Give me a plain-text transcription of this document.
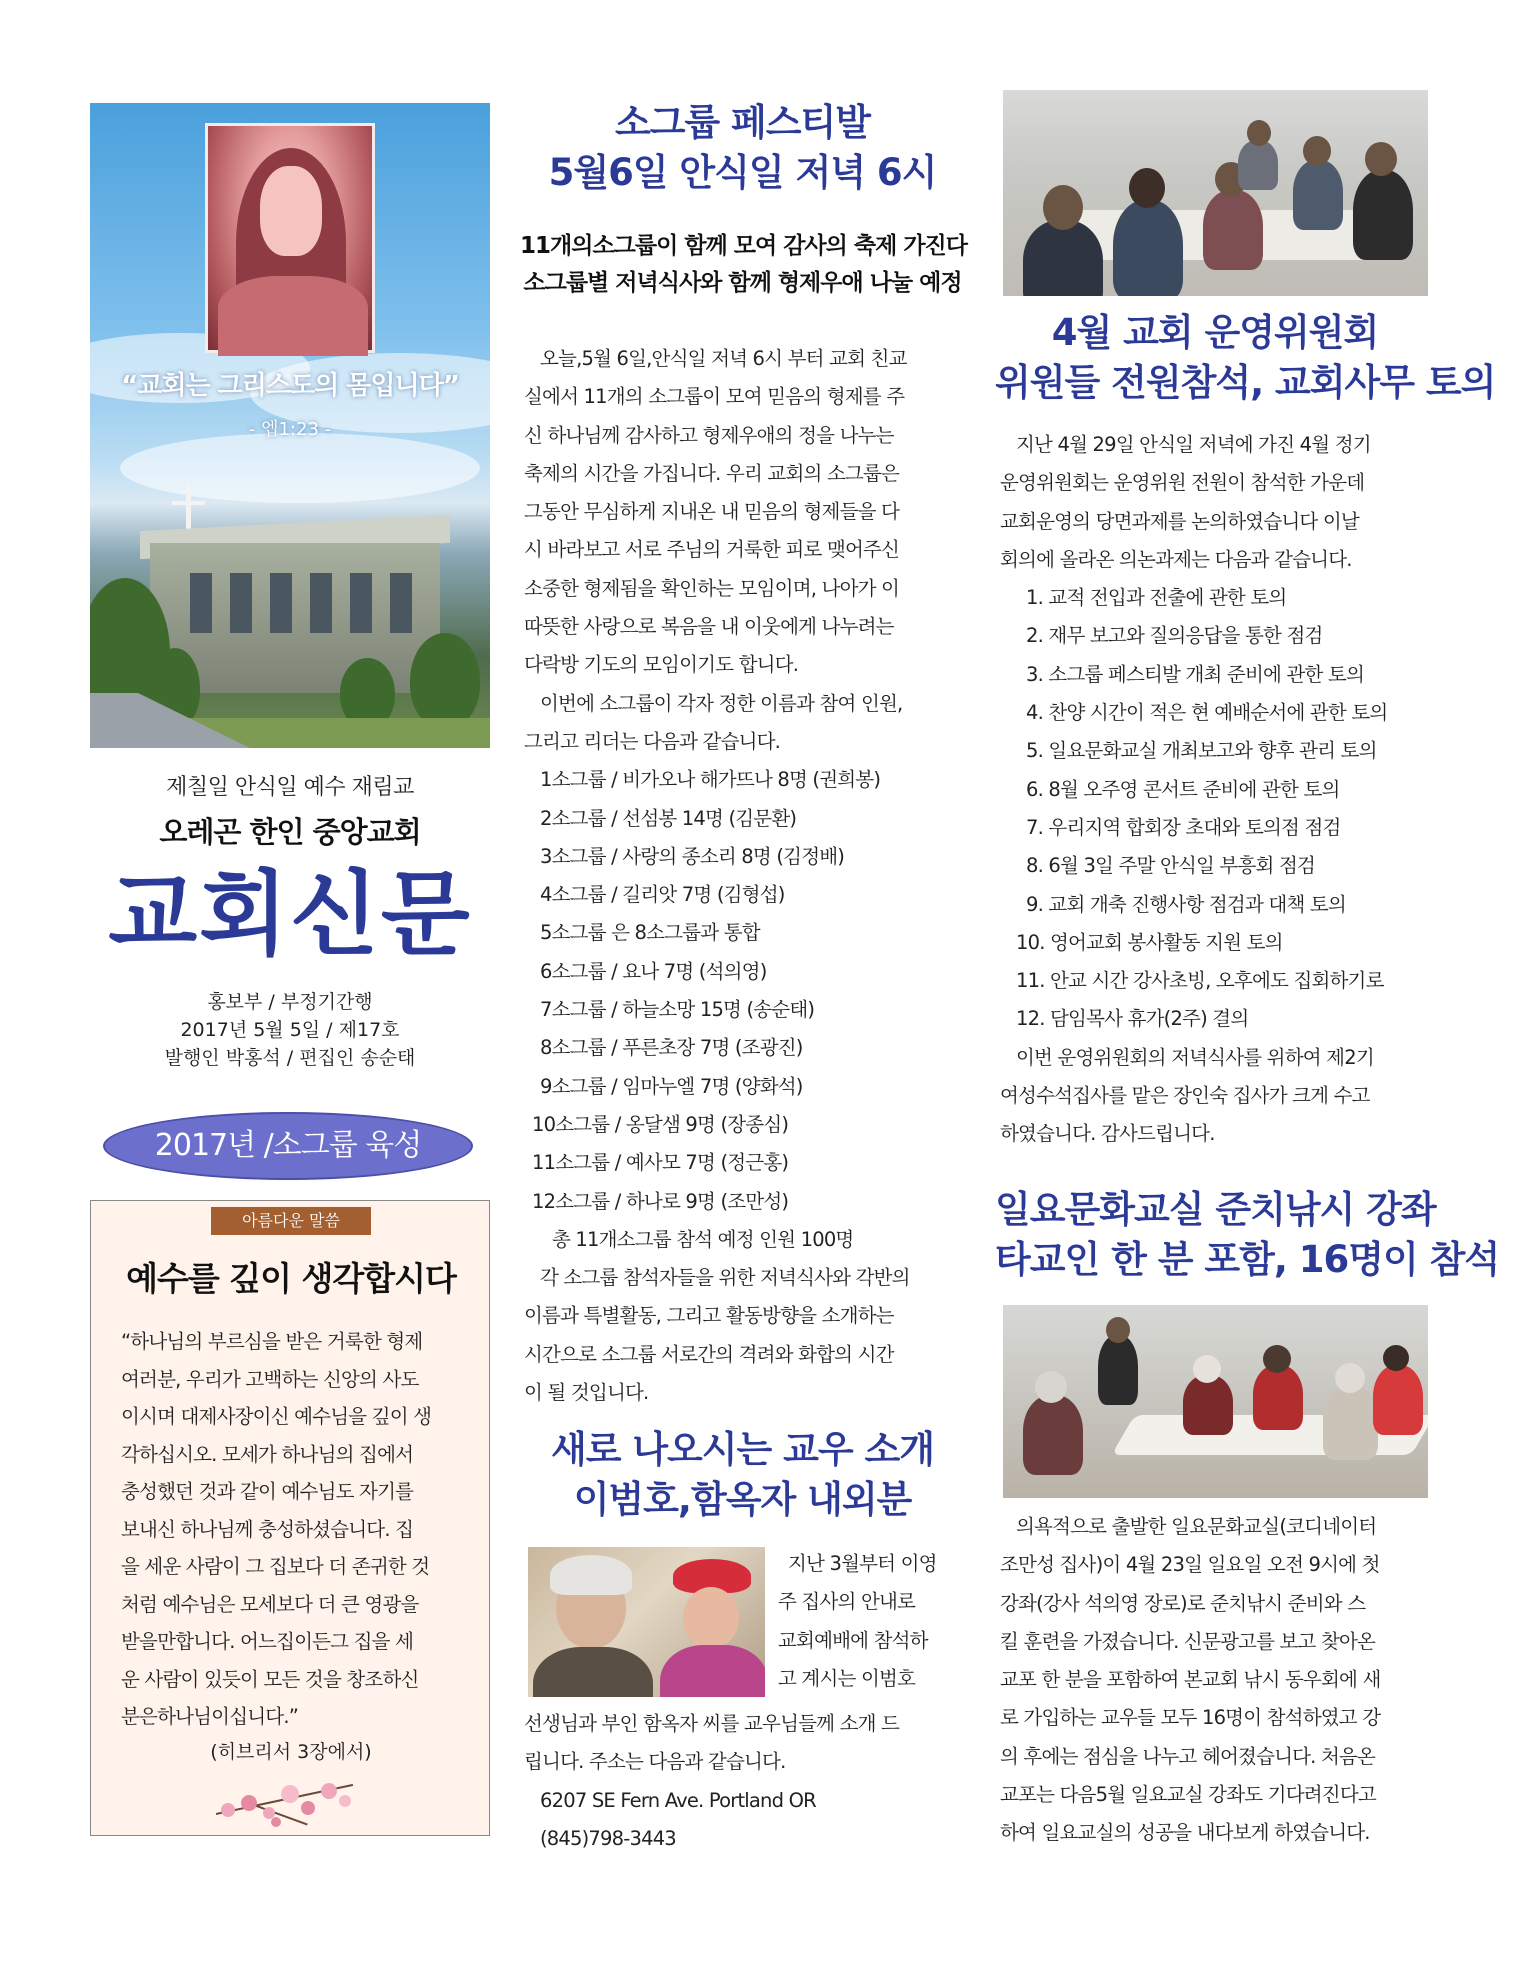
“교회는 그리스도의 몸입니다”
- 엡1:23 -
제칠일 안식일 예수 재림교
오레곤 한인 중앙교회
교회신문
홍보부 / 부정기간행
2017년 5월 5일 / 제17호
발행인 박홍석 / 편집인 송순태
2017년 /소그룹 육성
아름다운 말씀
예수를 깊이 생각합시다
“하나님의 부르심을 받은 거룩한 형제
여러분, 우리가 고백하는 신앙의 사도
이시며 대제사장이신 예수님을 깊이 생
각하십시오. 모세가 하나님의 집에서
충성했던 것과 같이 예수님도 자기를
보내신 하나님께 충성하셨습니다. 집
을 세운 사람이 그 집보다 더 존귀한 것
처럼 예수님은 모세보다 더 큰 영광을
받을만합니다. 어느집이든그 집을 세
운 사람이 있듯이 모든 것을 창조하신
분은하나님이십니다.”
(히브리서 3장에서)
소그룹 페스티발
5월6일 안식일 저녁 6시
11개의소그룹이 함께 모여 감사의 축제 가진다
소그룹별 저녁식사와 함께 형제우애 나눌 예정
오늘,5월 6일,안식일 저녁 6시 부터 교회 친교
실에서 11개의 소그룹이 모여 믿음의 형제를 주
신 하나님께 감사하고 형제우애의 정을 나누는
축제의 시간을 가집니다. 우리 교회의 소그룹은
그동안 무심하게 지내온 내 믿음의 형제들을 다
시 바라보고 서로 주님의 거룩한 피로 맺어주신
소중한 형제됨을 확인하는 모임이며, 나아가 이
따뜻한 사랑으로 복음을 내 이웃에게 나누려는
다락방 기도의 모임이기도 합니다.
이번에 소그룹이 각자 정한 이름과 참여 인원,
그리고 리더는 다음과 같습니다.
1소그룹 / 비가오나 해가뜨나 8명 (권희봉)
2소그룹 / 선섬봉 14명 (김문환)
3소그룹 / 사랑의 종소리 8명 (김정배)
4소그룹 / 길리앗 7명 (김형섭)
5소그룹 은 8소그룹과 통합
6소그룹 / 요나 7명 (석의영)
7소그룹 / 하늘소망 15명 (송순태)
8소그룹 / 푸른초장 7명 (조광진)
9소그룹 / 임마누엘 7명 (양화석)
10소그룹 / 옹달샘 9명 (장종심)
11소그룹 / 예사모 7명 (정근홍)
12소그룹 / 하나로 9명 (조만성)
총 11개소그룹 참석 예정 인원 100명
각 소그룹 참석자들을 위한 저녁식사와 각반의
이름과 특별활동, 그리고 활동방향을 소개하는
시간으로 소그룹 서로간의 격려와 화합의 시간
이 될 것입니다.
새로 나오시는 교우 소개
이범호,함옥자 내외분
지난 3월부터 이영
주 집사의 안내로
교회예배에 참석하
고 계시는 이범호
선생님과 부인 함옥자 씨를 교우님들께 소개 드
립니다. 주소는 다음과 같습니다.
6207 SE Fern Ave. Portland OR
(845)798-3443
4월 교회 운영위원회
위원들 전원참석, 교회사무 토의
지난 4월 29일 안식일 저녁에 가진 4월 정기
운영위원회는 운영위원 전원이 참석한 가운데
교회운영의 당면과제를 논의하였습니다 이날
회의에 올라온 의논과제는 다음과 같습니다.
1. 교적 전입과 전출에 관한 토의
2. 재무 보고와 질의응답을 통한 점검
3. 소그룹 페스티발 개최 준비에 관한 토의
4. 찬양 시간이 적은 현 예배순서에 관한 토의
5. 일요문화교실 개최보고와 향후 관리 토의
6. 8월 오주영 콘서트 준비에 관한 토의
7. 우리지역 합회장 초대와 토의점 점검
8. 6월 3일 주말 안식일 부흥회 점검
9. 교회 개축 진행사항 점검과 대책 토의
10. 영어교회 봉사활동 지원 토의
11. 안교 시간 강사초빙, 오후에도 집회하기로
12. 담임목사 휴가(2주) 결의
이번 운영위원회의 저녁식사를 위하여 제2기
여성수석집사를 맡은 장인숙 집사가 크게 수고
하였습니다. 감사드립니다.
일요문화교실 준치낚시 강좌
타교인 한 분 포함, 16명이 참석
의욕적으로 출발한 일요문화교실(코디네이터
조만성 집사)이 4월 23일 일요일 오전 9시에 첫
강좌(강사 석의영 장로)로 준치낚시 준비와 스
킬 훈련을 가졌습니다. 신문광고를 보고 찾아온
교포 한 분을 포함하여 본교회 낚시 동우회에 새
로 가입하는 교우들 모두 16명이 참석하였고 강
의 후에는 점심을 나누고 헤어졌습니다. 처음온
교포는 다음5월 일요교실 강좌도 기다려진다고
하여 일요교실의 성공을 내다보게 하였습니다.
